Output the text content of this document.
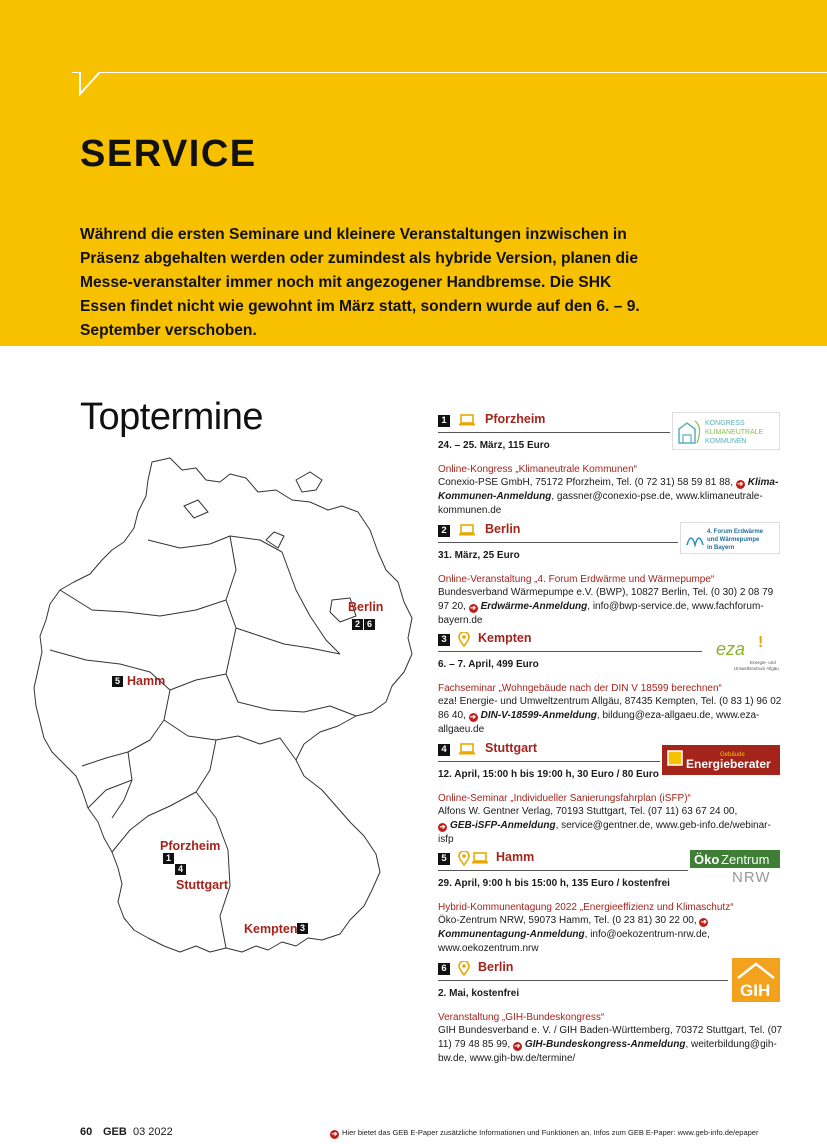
SERVICE
Während die ersten Seminare und kleinere Veranstaltungen inzwischen in Präsenz abgehalten werden oder zumindest als hybride Version, planen die Messe-veranstalter immer noch mit angezogener Handbremse. Die SHK Essen findet nicht wie gewohnt im März statt, sondern wurde auf den 6. – 9. September verschoben.
Toptermine
Berlin
2 6
5 Hamm
Pforzheim
1
4
Stuttgart
Kempten 3
1	Pforzheim
24. – 25. März, 115 Euro
Online-Kongress „Klimaneutrale Kommunen“
Conexio-PSE GmbH, 75172 Pforzheim, Tel. (0 72 31) 58 59 81 88, ➔ Klima-Kommunen-Anmeldung, gassner@conexio-pse.de, www.klimaneutrale-kommunen.de
KONGRESS
KLIMANEUTRALE
KOMMUNEN
2	Berlin
31. März, 25 Euro
Online-Veranstaltung „4. Forum Erdwärme und Wärmepumpe“
Bundesverband Wärmepumpe e.V. (BWP), 10827 Berlin, Tel. (0 30) 2 08 79 97 20, ➔ Erdwärme-Anmeldung, info@bwp-service.de, www.fachforum-bayern.de
4. Forum Erdwärme
und Wärmepumpe
in Bayern
3	Kempten
6. – 7. April, 499 Euro
Fachseminar „Wohngebäude nach der DIN V 18599 berechnen“
eza! Energie- und Umweltzentrum Allgäu, 87435 Kempten, Tel. (0 83 1) 96 02 86 40, ➔ DIN-V-18599-Anmeldung, bildung@eza-allgaeu.de, www.eza-allgaeu.de
eza !
Energie- und
Umweltzentrum Allgäu
4	Stuttgart
12. April, 15:00 h bis 19:00 h, 30 Euro / 80 Euro
Online-Seminar „Individueller Sanierungsfahrplan (iSFP)“
Alfons W. Gentner Verlag, 70193 Stuttgart, Tel. (07 11) 63 67 24 00,
➔ GEB-iSFP-Anmeldung, service@gentner.de, www.geb-info.de/webinar-isfp
Gebäude
Energieberater
5	Hamm
29. April, 9:00 h bis 15:00 h, 135 Euro / kostenfrei
Hybrid-Kommunentagung 2022 „Energieeffizienz und Klimaschutz“
Öko-Zentrum NRW, 59073 Hamm, Tel. (0 23 81) 30 22 00, ➔Kommunentagung-Anmeldung, info@oekozentrum-nrw.de, www.oekozentrum.nrw
Öko Zentrum
NRW
6	Berlin
2. Mai, kostenfrei
Veranstaltung „GIH-Bundeskongress“
GIH Bundesverband e. V. / GIH Baden-Württemberg, 70372 Stuttgart, Tel. (07 11) 79 48 85 99, ➔ GIH-Bundeskongress-Anmeldung, weiterbildung@gih-bw.de, www.gih-bw.de/termine/
GIH
60 GEB 03 2022	➔ Hier bietet das GEB E-Paper zusätzliche Informationen und Funktionen an. Infos zum GEB E-Paper: www.geb-info.de/epaper
